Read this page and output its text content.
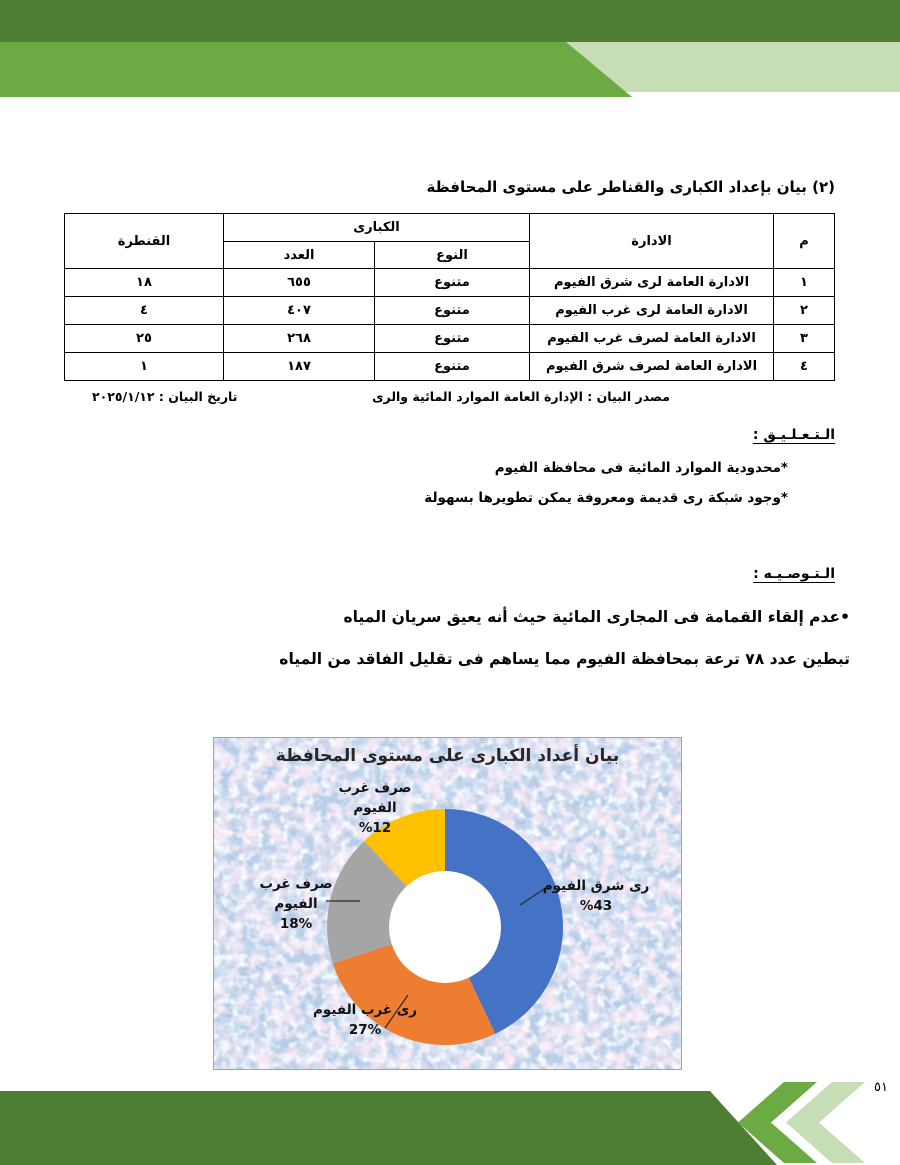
(٢) بيان بإعداد الكبارى والقناطر على مستوى المحافظة
م	الادارة	الكبارى		القنطرة
		النوع	العدد	
١	الادارة العامة لرى شرق الفيوم	متنوع	٦٥٥	١٨
٢	الادارة العامة لرى غرب الفيوم	متنوع	٤٠٧	٤
٣	الادارة العامة لصرف غرب الفيوم	متنوع	٢٦٨	٢٥
٤	الادارة العامة لصرف شرق الفيوم	متنوع	١٨٧	١
مصدر البيان : الإدارة العامة الموارد المائية والرى
تاريخ البيان : ٢٠٢٥/١/١٢
الـتـعـلـيـق :
*محدودية الموارد المائية فى محافظة الفيوم
*وجود شبكة رى قديمة ومعروفة يمكن تطويرها بسهولة
الـتـوصـيـه :
•عدم إلقاء القمامة فى المجارى المائية حيث أنه يعيق سريان المياه
تبطين عدد ٧٨ ترعة بمحافظة الفيوم مما يساهم فى تقليل الفاقد من المياه
بيان أعداد الكبارى على مستوى المحافظة
صرف غرب
الفيوم
%12
صرف غرب
الفيوم
18%
رى شرق الفيوم
%43
رى غرب الفيوم
27%
٥١
